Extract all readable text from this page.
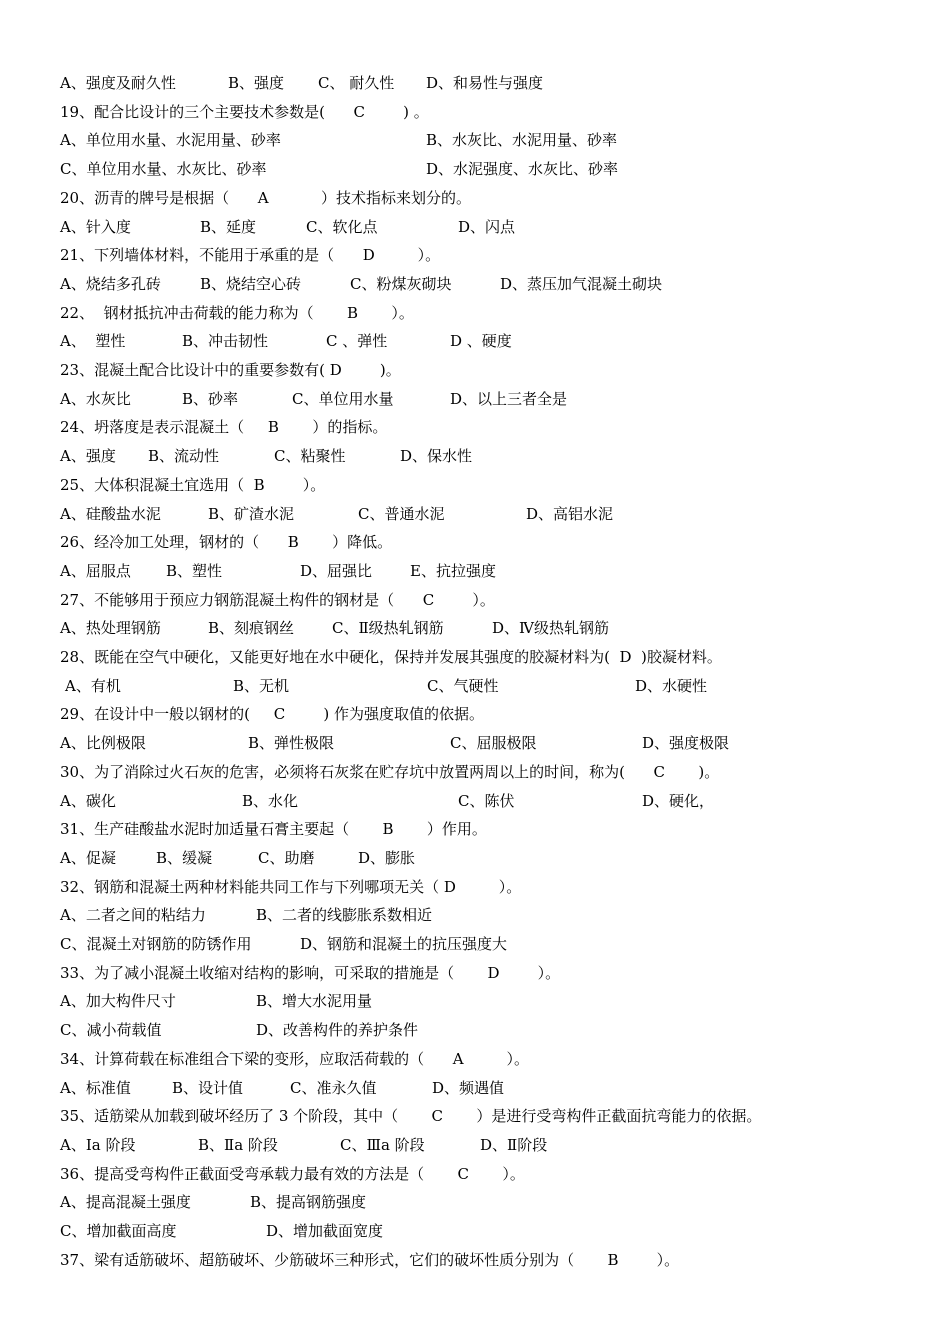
A、强度及耐久性	B、强度 C、 耐久性 D、和易性与强度
19、配合比设计的三个主要技术参数是(      C        ) 。
A、单位用水量、水泥用量、砂率	B、水灰比、水泥用量、砂率
C、单位用水量、水灰比、砂率	D、水泥强度、水灰比、砂率
20、沥青的牌号是根据（      A           ）技术指标来划分的。
A、针入度	B、延度	C、软化点	D、闪点
21、下列墙体材料，不能用于承重的是（      D         ）。
A、烧结多孔砖	B、烧结空心砖	C、粉煤灰砌块	D、蒸压加气混凝土砌块
22、  钢材抵抗冲击荷载的能力称为（       B       ）。
A、  塑性	B、冲击韧性	C 、弹性	D 、硬度
23、混凝土配合比设计中的重要参数有( D        )。
A、水灰比	B、砂率	C、单位用水量	D、以上三者全是
24、坍落度是表示混凝土（     B       ）的指标。
A、强度 B、流动性	C、粘聚性	D、保水性
25、大体积混凝土宜选用（  B        ）。
A、硅酸盐水泥	B、矿渣水泥	C、普通水泥	D、高铝水泥
26、经冷加工处理，钢材的（      B       ）降低。
A、屈服点 B、塑性	D、屈强比	E、抗拉强度
27、不能够用于预应力钢筋混凝土构件的钢材是（      C        ）。
A、热处理钢筋	B、刻痕钢丝	C、Ⅱ级热轧钢筋	D、Ⅳ级热轧钢筋
28、既能在空气中硬化，又能更好地在水中硬化，保持并发展其强度的胶凝材料为(  D  )胶凝材料。
A、有机	B、无机	C、气硬性	D、水硬性
29、在设计中一般以钢材的(     C        ) 作为强度取值的依据。
A、比例极限	B、弹性极限	C、屈服极限	D、强度极限
30、为了消除过火石灰的危害，必须将石灰浆在贮存坑中放置两周以上的时间，称为(      C       )。
A、碳化	B、水化	C、陈伏	D、硬化，
31、生产硅酸盐水泥时加适量石膏主要起（       B       ）作用。
A、促凝	B、缓凝	C、助磨	D、膨胀
32、钢筋和混凝土两种材料能共同工作与下列哪项无关（ D         ）。
A、二者之间的粘结力	B、二者的线膨胀系数相近
C、混凝土对钢筋的防锈作用	D、钢筋和混凝土的抗压强度大
33、为了减小混凝土收缩对结构的影响，可采取的措施是（       D        ）。
A、加大构件尺寸	B、增大水泥用量
C、减小荷载值	D、改善构件的养护条件
34、计算荷载在标准组合下梁的变形，应取活荷载的（      A         ）。
A、标准值	B、设计值	C、准永久值	D、频遇值
35、适筋梁从加载到破坏经历了 3 个阶段，其中（       C       ）是进行受弯构件正截面抗弯能力的依据。
A、Ⅰa 阶段	B、Ⅱa 阶段	C、Ⅲa 阶段	D、Ⅱ阶段
36、提高受弯构件正截面受弯承载力最有效的方法是（       C       ）。
A、提高混凝土强度	B、提高钢筋强度
C、增加截面高度	D、增加截面宽度
37、梁有适筋破坏、超筋破坏、少筋破坏三种形式，它们的破坏性质分别为（       B        ）。
